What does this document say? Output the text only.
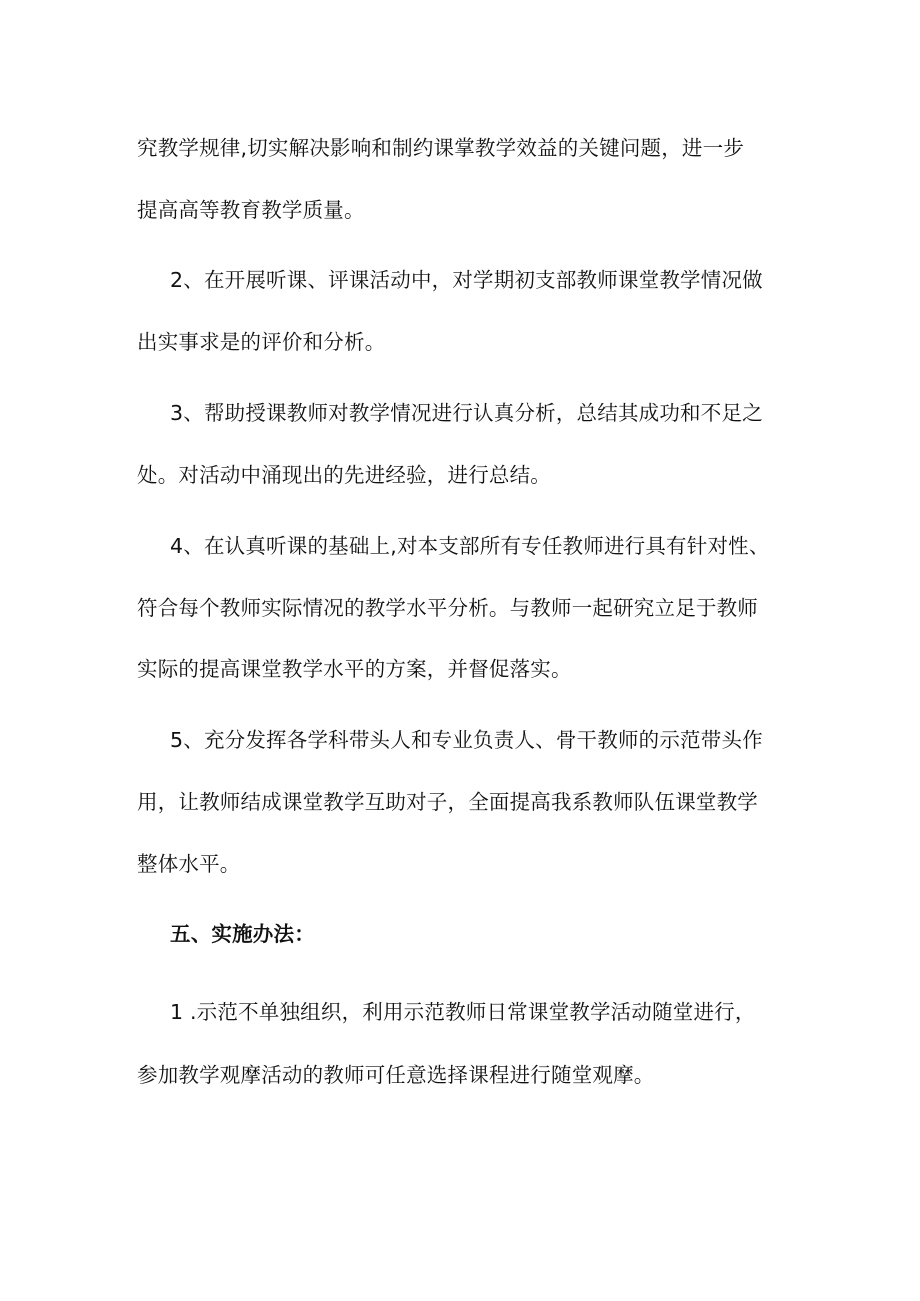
究教学规律,切实解决影响和制约课掌教学效益的关键问题，进一步
提高高等教育教学质量。
2、在开展听课、评课活动中，对学期初支部教师课堂教学情况做
出实事求是的评价和分析。
3、帮助授课教师对教学情况进行认真分析，总结其成功和不足之
处。对活动中涌现出的先进经验，进行总结。
4、在认真听课的基础上,对本支部所有专任教师进行具有针对性、
符合每个教师实际情况的教学水平分析。与教师一起研究立足于教师
实际的提高课堂教学水平的方案，并督促落实。
5、充分发挥各学科带头人和专业负责人、骨干教师的示范带头作
用，让教师结成课堂教学互助对子，全面提高我系教师队伍课堂教学
整体水平。
五、实施办法：
1 .示范不单独组织，利用示范教师日常课堂教学活动随堂进行，
参加教学观摩活动的教师可任意选择课程进行随堂观摩。
